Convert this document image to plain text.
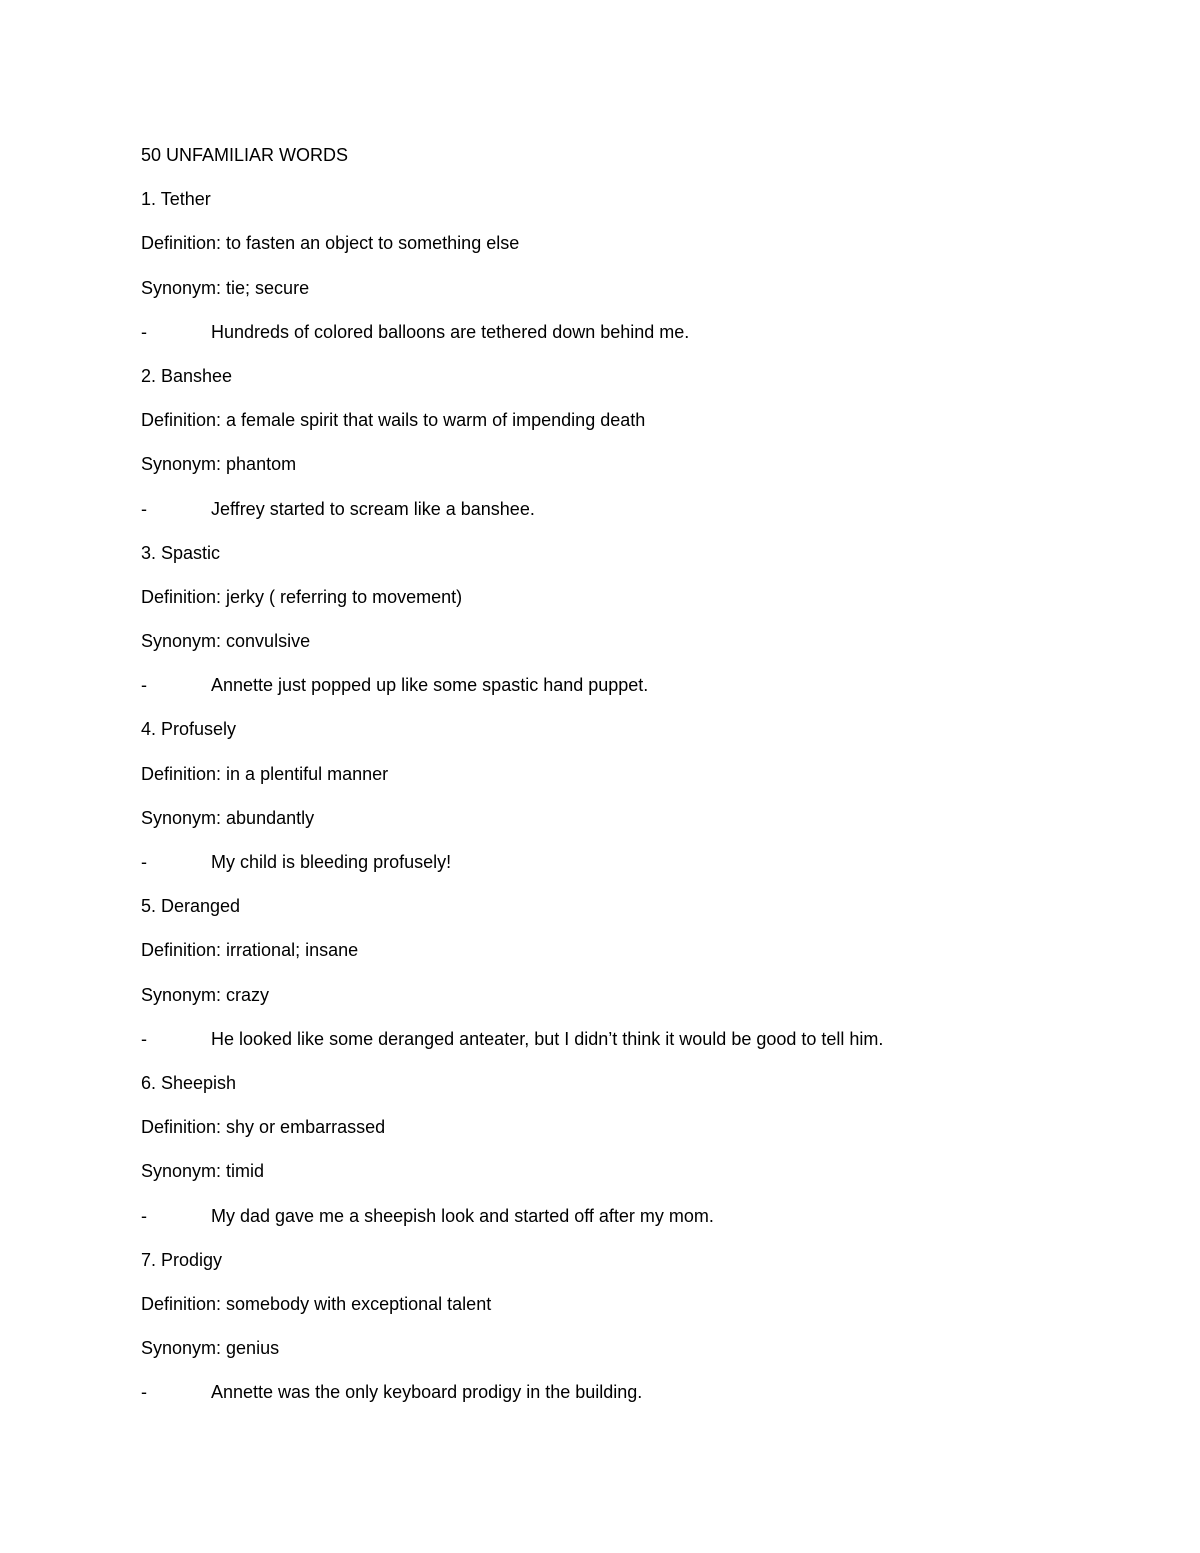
50 UNFAMILIAR WORDS
1. Tether
Definition: to fasten an object to something else
Synonym: tie; secure
-	Hundreds of colored balloons are tethered down behind me.
2. Banshee
Definition: a female spirit that wails to warm of impending death
Synonym: phantom
-	Jeffrey started to scream like a banshee.
3. Spastic
Definition: jerky ( referring to movement)
Synonym: convulsive
-	Annette just popped up like some spastic hand puppet.
4. Profusely
Definition: in a plentiful manner
Synonym: abundantly
-	My child is bleeding profusely!
5. Deranged
Definition: irrational; insane
Synonym: crazy
-	He looked like some deranged anteater, but I didn’t think it would be good to tell him.
6. Sheepish
Definition: shy or embarrassed
Synonym: timid
-	My dad gave me a sheepish look and started off after my mom.
7. Prodigy
Definition: somebody with exceptional talent
Synonym: genius
-	Annette was the only keyboard prodigy in the building.
